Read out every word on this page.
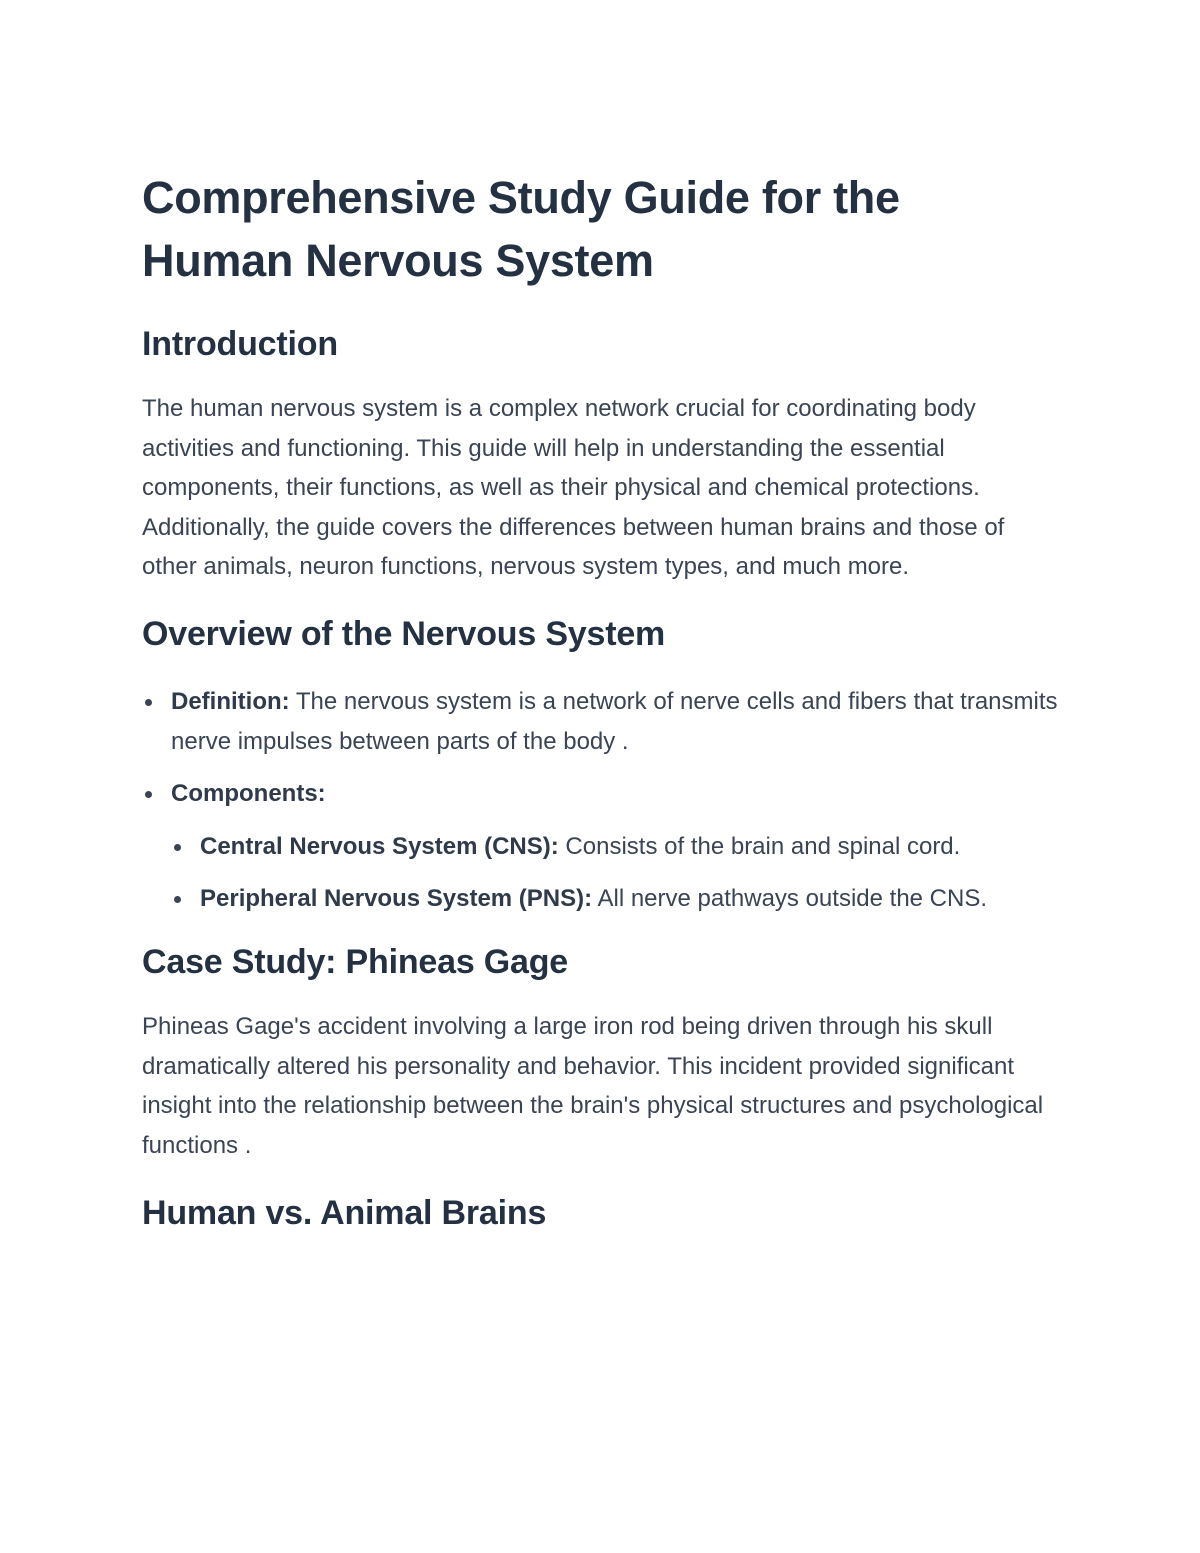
Comprehensive Study Guide for the Human Nervous System
Introduction

The human nervous system is a complex network crucial for coordinating body activities and functioning. This guide will help in understanding the essential components, their functions, as well as their physical and chemical protections. Additionally, the guide covers the differences between human brains and those of other animals, neuron functions, nervous system types, and much more.

Overview of the Nervous System
Definition: The nervous system is a network of nerve cells and fibers that transmits nerve impulses between parts of the body .
Components:
Central Nervous System (CNS): Consists of the brain and spinal cord.
Peripheral Nervous System (PNS): All nerve pathways outside the CNS.
Case Study: Phineas Gage

Phineas Gage's accident involving a large iron rod being driven through his skull dramatically altered his personality and behavior. This incident provided significant insight into the relationship between the brain's physical structures and psychological functions .

Human vs. Animal Brains
